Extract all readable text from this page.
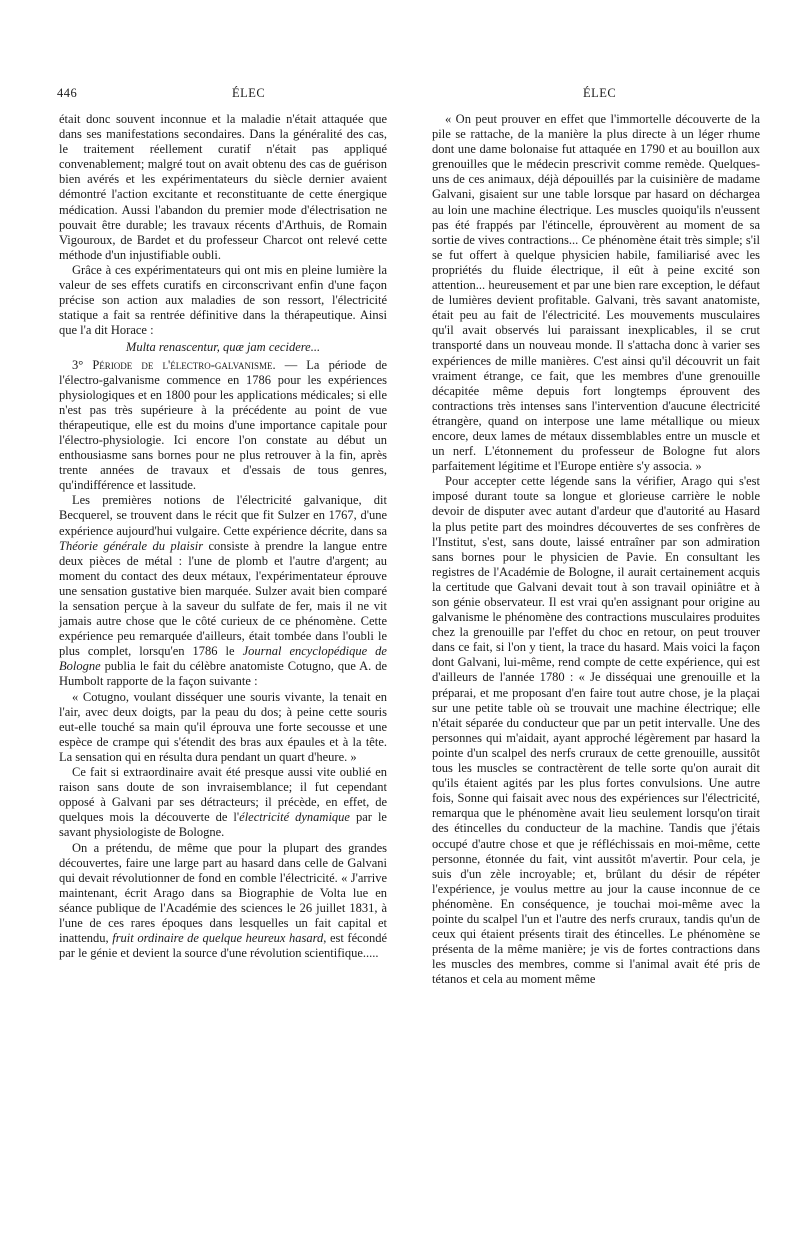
446	ÉLEC	ÉLEC

était donc souvent inconnue et la maladie n'était attaquée que dans ses manifestations secondaires. Dans la généralité des cas, le traitement réellement curatif n'était pas appliqué convenablement; malgré tout on avait obtenu des cas de guérison bien avérés et les expérimentateurs du siècle dernier avaient démontré l'action excitante et reconstituante de cette énergique médication. Aussi l'abandon du premier mode d'électrisation ne pouvait être durable; les travaux récents d'Arthuis, de Romain Vigouroux, de Bardet et du professeur Charcot ont relevé cette méthode d'un injustifiable oubli.

Grâce à ces expérimentateurs qui ont mis en pleine lumière la valeur de ses effets curatifs en circonscrivant enfin d'une façon précise son action aux maladies de son ressort, l'électricité statique a fait sa rentrée définitive dans la thérapeutique. Ainsi que l'a dit Horace :

Multa renascentur, quæ jam cecidere...

3° Période de l'électro-galvanisme. — La période de l'électro-galvanisme commence en 1786 pour les expériences physiologiques et en 1800 pour les applications médicales; si elle n'est pas très supérieure à la précédente au point de vue thérapeutique, elle est du moins d'une importance capitale pour l'électro-physiologie. Ici encore l'on constate au début un enthousiasme sans bornes pour ne plus retrouver à la fin, après trente années de travaux et d'essais de tous genres, qu'indifférence et lassitude.

Les premières notions de l'électricité galvanique, dit Becquerel, se trouvent dans le récit que fit Sulzer en 1767, d'une expérience aujourd'hui vulgaire. Cette expérience décrite, dans sa Théorie générale du plaisir consiste à prendre la langue entre deux pièces de métal : l'une de plomb et l'autre d'argent; au moment du contact des deux métaux, l'expérimentateur éprouve une sensation gustative bien marquée. Sulzer avait bien comparé la sensation perçue à la saveur du sulfate de fer, mais il ne vit jamais autre chose que le côté curieux de ce phénomène. Cette expérience peu remarquée d'ailleurs, était tombée dans l'oubli le plus complet, lorsqu'en 1786 le Journal encyclopédique de Bologne publia le fait du célèbre anatomiste Cotugno, que A. de Humbolt rapporte de la façon suivante :

« Cotugno, voulant disséquer une souris vivante, la tenait en l'air, avec deux doigts, par la peau du dos; à peine cette souris eut-elle touché sa main qu'il éprouva une forte secousse et une espèce de crampe qui s'étendit des bras aux épaules et à la tête. La sensation qui en résulta dura pendant un quart d'heure. »

Ce fait si extraordinaire avait été presque aussi vite oublié en raison sans doute de son invraisemblance; il fut cependant opposé à Galvani par ses détracteurs; il précède, en effet, de quelques mois la découverte de l'électricité dynamique par le savant physiologiste de Bologne.

On a prétendu, de même que pour la plupart des grandes découvertes, faire une large part au hasard dans celle de Galvani qui devait révolutionner de fond en comble l'électricité. « J'arrive maintenant, écrit Arago dans sa Biographie de Volta lue en séance publique de l'Académie des sciences le 26 juillet 1831, à l'une de ces rares époques dans lesquelles un fait capital et inattendu, fruit ordinaire de quelque heureux hasard, est fécondé par le génie et devient la source d'une révolution scientifique.....

« On peut prouver en effet que l'immortelle découverte de la pile se rattache, de la manière la plus directe à un léger rhume dont une dame bolonaise fut attaquée en 1790 et au bouillon aux grenouilles que le médecin prescrivit comme remède. Quelques-uns de ces animaux, déjà dépouillés par la cuisinière de madame Galvani, gisaient sur une table lorsque par hasard on déchargea au loin une machine électrique. Les muscles quoiqu'ils n'eussent pas été frappés par l'étincelle, éprouvèrent au moment de sa sortie de vives contractions... Ce phénomène était très simple; s'il se fut offert à quelque physicien habile, familiarisé avec les propriétés du fluide électrique, il eût à peine excité son attention... heureusement et par une bien rare exception, le défaut de lumières devient profitable. Galvani, très savant anatomiste, était peu au fait de l'électricité. Les mouvements musculaires qu'il avait observés lui paraissant inexplicables, il se crut transporté dans un nouveau monde. Il s'attacha donc à varier ses expériences de mille manières. C'est ainsi qu'il découvrit un fait vraiment étrange, ce fait, que les membres d'une grenouille décapitée même depuis fort longtemps éprouvent des contractions très intenses sans l'intervention d'aucune électricité étrangère, quand on interpose une lame métallique ou mieux encore, deux lames de métaux dissemblables entre un muscle et un nerf. L'étonnement du professeur de Bologne fut alors parfaitement légitime et l'Europe entière s'y associa. »

Pour accepter cette légende sans la vérifier, Arago qui s'est imposé durant toute sa longue et glorieuse carrière le noble devoir de disputer avec autant d'ardeur que d'autorité au Hasard la plus petite part des moindres découvertes de ses confrères de l'Institut, s'est, sans doute, laissé entraîner par son admiration sans bornes pour le physicien de Pavie. En consultant les registres de l'Académie de Bologne, il aurait certainement acquis la certitude que Galvani devait tout à son travail opiniâtre et à son génie observateur. Il est vrai qu'en assignant pour origine au galvanisme le phénomène des contractions musculaires produites chez la grenouille par l'effet du choc en retour, on peut trouver dans ce fait, si l'on y tient, la trace du hasard. Mais voici la façon dont Galvani, lui-même, rend compte de cette expérience, qui est d'ailleurs de l'année 1780 : « Je disséquai une grenouille et la préparai, et me proposant d'en faire tout autre chose, je la plaçai sur une petite table où se trouvait une machine électrique; elle n'était séparée du conducteur que par un petit intervalle. Une des personnes qui m'aidait, ayant approché légèrement par hasard la pointe d'un scalpel des nerfs cruraux de cette grenouille, aussitôt tous les muscles se contractèrent de telle sorte qu'on aurait dit qu'ils étaient agités par les plus fortes convulsions. Une autre fois, Sonne qui faisait avec nous des expériences sur l'électricité, remarqua que le phénomène avait lieu seulement lorsqu'on tirait des étincelles du conducteur de la machine. Tandis que j'étais occupé d'autre chose et que je réfléchissais en moi-même, cette personne, étonnée du fait, vint aussitôt m'avertir. Pour cela, je suis d'un zèle incroyable; et, brûlant du désir de répéter l'expérience, je voulus mettre au jour la cause inconnue de ce phénomène. En conséquence, je touchai moi-même avec la pointe du scalpel l'un et l'autre des nerfs cruraux, tandis qu'un de ceux qui étaient présents tirait des étincelles. Le phénomène se présenta de la même manière; je vis de fortes contractions dans les muscles des membres, comme si l'animal avait été pris de tétanos et cela au moment même
